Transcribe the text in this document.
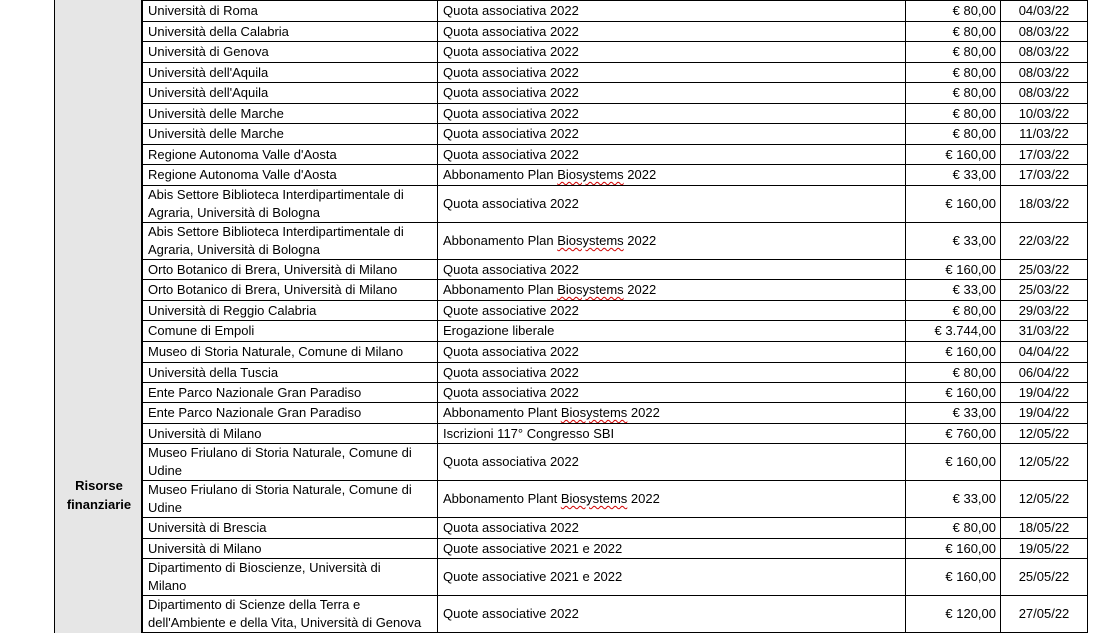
Risorse
finanziarie
Università di Roma	Quota associativa 2022	€ 80,00	04/03/22
Università della Calabria	Quota associativa 2022	€ 80,00	08/03/22
Università di Genova	Quota associativa 2022	€ 80,00	08/03/22
Università dell'Aquila	Quota associativa 2022	€ 80,00	08/03/22
Università dell'Aquila	Quota associativa 2022	€ 80,00	08/03/22
Università delle Marche	Quota associativa 2022	€ 80,00	10/03/22
Università delle Marche	Quota associativa 2022	€ 80,00	11/03/22
Regione Autonoma Valle d'Aosta	Quota associativa 2022	€ 160,00	17/03/22
Regione Autonoma Valle d'Aosta	Abbonamento Plan Biosystems 2022	€ 33,00	17/03/22

Abis Settore Biblioteca Interdipartimentale di
Agraria, Università di Bologna	Quota associativa 2022	€ 160,00	18/03/22

Abis Settore Biblioteca Interdipartimentale di
Agraria, Università di Bologna	Abbonamento Plan Biosystems 2022	€ 33,00	22/03/22
Orto Botanico di Brera, Università di Milano	Quota associativa 2022	€ 160,00	25/03/22
Orto Botanico di Brera, Università di Milano	Abbonamento Plan Biosystems 2022	€ 33,00	25/03/22
Università di Reggio Calabria	Quote associative 2022	€ 80,00	29/03/22
Comune di Empoli	Erogazione liberale	€ 3.744,00	31/03/22
Museo di Storia Naturale, Comune di Milano	Quota associativa 2022	€ 160,00	04/04/22
Università della Tuscia	Quota associativa 2022	€ 80,00	06/04/22
Ente Parco Nazionale Gran Paradiso	Quota associativa 2022	€ 160,00	19/04/22
Ente Parco Nazionale Gran Paradiso	Abbonamento Plant Biosystems 2022	€ 33,00	19/04/22
Università di Milano	Iscrizioni 117° Congresso SBI	€ 760,00	12/05/22

Museo Friulano di Storia Naturale, Comune di
Udine	Quota associativa 2022	€ 160,00	12/05/22

Museo Friulano di Storia Naturale, Comune di
Udine	Abbonamento Plant Biosystems 2022	€ 33,00	12/05/22
Università di Brescia	Quota associativa 2022	€ 80,00	18/05/22
Università di Milano	Quote associative 2021 e 2022	€ 160,00	19/05/22

Dipartimento di Bioscienze, Università di
Milano	Quote associative 2021 e 2022	€ 160,00	25/05/22

Dipartimento di Scienze della Terra e
dell'Ambiente e della Vita, Università di Genova	Quote associative 2022	€ 120,00	27/05/22
